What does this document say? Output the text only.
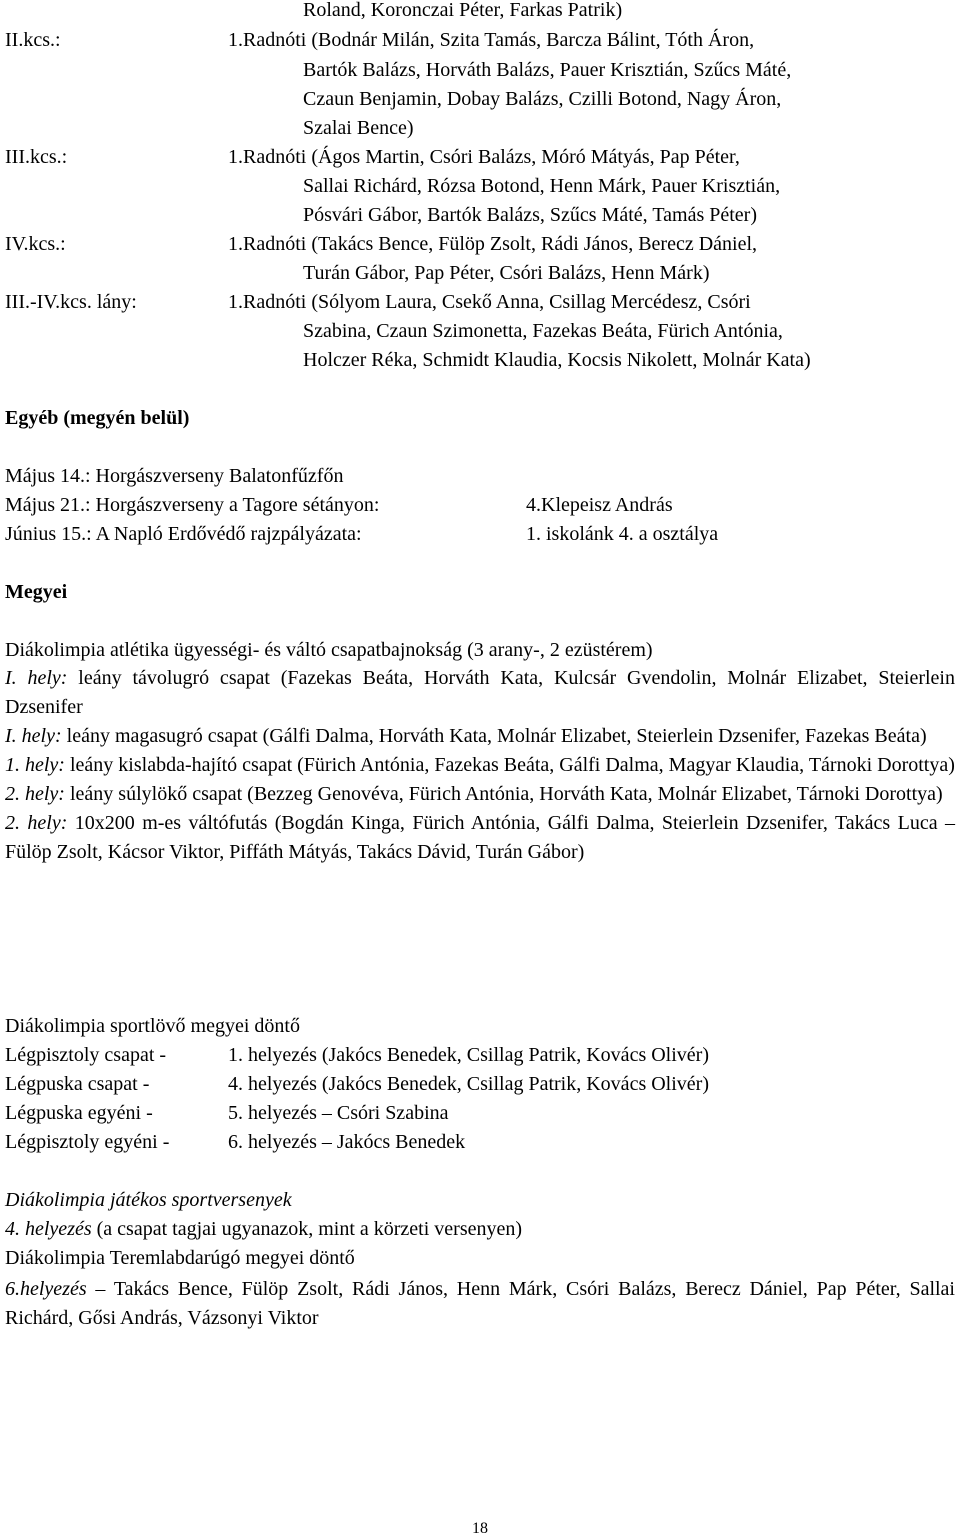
Roland, Koronczai Péter, Farkas Patrik)
II.kcs.:	1.Radnóti (Bodnár Milán, Szita Tamás, Barcza Bálint, Tóth Áron,
Bartók Balázs, Horváth Balázs, Pauer Krisztián, Szűcs Máté,
Czaun Benjamin, Dobay Balázs, Czilli Botond, Nagy Áron,
Szalai Bence)
III.kcs.:	1.Radnóti (Ágos Martin, Csóri Balázs, Móró Mátyás, Pap Péter,
Sallai Richárd, Rózsa Botond, Henn Márk, Pauer Krisztián,
Pósvári Gábor, Bartók Balázs, Szűcs Máté, Tamás Péter)
IV.kcs.:	1.Radnóti (Takács Bence, Fülöp Zsolt, Rádi János, Berecz Dániel,
Turán Gábor, Pap Péter, Csóri Balázs, Henn Márk)
III.-IV.kcs. lány:	1.Radnóti (Sólyom Laura, Csekő Anna, Csillag Mercédesz, Csóri
Szabina, Czaun Szimonetta, Fazekas Beáta, Fürich Antónia,
Holczer Réka, Schmidt Klaudia, Kocsis Nikolett, Molnár Kata)
Egyéb (megyén belül)
Május 14.: Horgászverseny Balatonfűzfőn
Május 21.: Horgászverseny a Tagore sétányon:	4.Klepeisz András
Június 15.: A Napló Erdővédő rajzpályázata:	1. iskolánk 4. a osztálya
Megyei
Diákolimpia atlétika ügyességi- és váltó csapatbajnokság (3 arany-, 2 ezüstérem)

I. hely: leány távolugró csapat (Fazekas Beáta, Horváth Kata, Kulcsár Gvendolin, Molnár Elizabet, Steierlein Dzsenifer

I. hely: leány magasugró csapat (Gálfi Dalma, Horváth Kata, Molnár Elizabet, Steierlein Dzsenifer, Fazekas Beáta)

1. hely: leány kislabda-hajító csapat (Fürich Antónia, Fazekas Beáta, Gálfi Dalma, Magyar Klaudia, Tárnoki Dorottya)

2. hely: leány súlylökő csapat (Bezzeg Genovéva, Fürich Antónia, Horváth Kata, Molnár Elizabet, Tárnoki Dorottya)

2. hely: 10x200 m-es váltófutás (Bogdán Kinga, Fürich Antónia, Gálfi Dalma, Steierlein Dzsenifer, Takács Luca – Fülöp Zsolt, Kácsor Viktor, Piffáth Mátyás, Takács Dávid, Turán Gábor)

Diákolimpia sportlövő megyei döntő
Légpisztoly csapat -	1. helyezés (Jakócs Benedek, Csillag Patrik, Kovács Olivér)
Légpuska csapat -	4. helyezés (Jakócs Benedek, Csillag Patrik, Kovács Olivér)
Légpuska egyéni -	5. helyezés – Csóri Szabina
Légpisztoly egyéni -	6. helyezés – Jakócs Benedek
Diákolimpia játékos sportversenyek
4. helyezés (a csapat tagjai ugyanazok, mint a körzeti versenyen)
Diákolimpia Teremlabdarúgó megyei döntő

6.helyezés – Takács Bence, Fülöp Zsolt, Rádi János, Henn Márk, Csóri Balázs, Berecz Dániel, Pap Péter, Sallai Richárd, Gősi András, Vázsonyi Viktor

18
